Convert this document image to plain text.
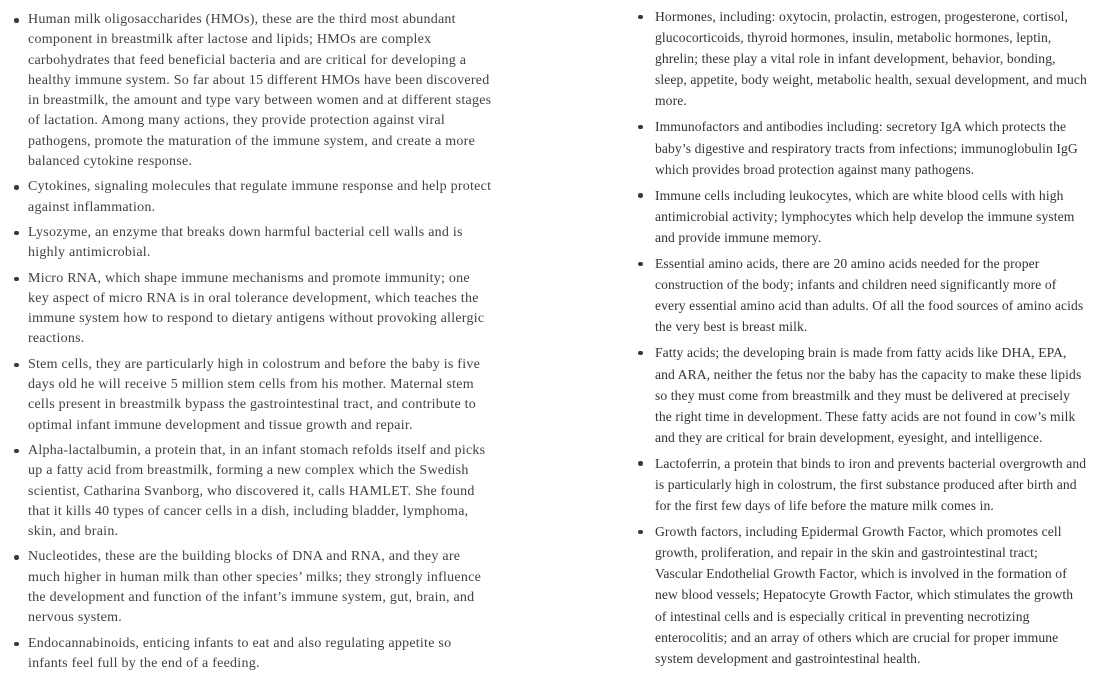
Human milk oligosaccharides (HMOs), these are the third most abundant component in breastmilk after lactose and lipids; HMOs are complex carbohydrates that feed beneficial bacteria and are critical for developing a healthy immune system. So far about 15 different HMOs have been discovered in breastmilk, the amount and type vary between women and at different stages of lactation. Among many actions, they provide protection against viral pathogens, promote the maturation of the immune system, and create a more balanced cytokine response.
Cytokines, signaling molecules that regulate immune response and help protect against inflammation.
Lysozyme, an enzyme that breaks down harmful bacterial cell walls and is highly antimicrobial.
Micro RNA, which shape immune mechanisms and promote immunity; one key aspect of micro RNA is in oral tolerance development, which teaches the immune system how to respond to dietary antigens without provoking allergic reactions.
Stem cells, they are particularly high in colostrum and before the baby is five days old he will receive 5 million stem cells from his mother. Maternal stem cells present in breastmilk bypass the gastrointestinal tract, and contribute to optimal infant immune development and tissue growth and repair.
Alpha-lactalbumin, a protein that, in an infant stomach refolds itself and picks up a fatty acid from breastmilk, forming a new complex which the Swedish scientist, Catharina Svanborg, who discovered it, calls HAMLET. She found that it kills 40 types of cancer cells in a dish, including bladder, lymphoma, skin, and brain.
Nucleotides, these are the building blocks of DNA and RNA, and they are much higher in human milk than other species’ milks; they strongly influence the development and function of the infant’s immune system, gut, brain, and nervous system.
Endocannabinoids, enticing infants to eat and also regulating appetite so infants feel full by the end of a feeding.
Hormones, including: oxytocin, prolactin, estrogen, progesterone, cortisol, glucocorticoids, thyroid hormones, insulin, metabolic hormones, leptin, ghrelin; these play a vital role in infant development, behavior, bonding, sleep, appetite, body weight, metabolic health, sexual development, and much more.
Immunofactors and antibodies including: secretory IgA which protects the baby’s digestive and respiratory tracts from infections; immunoglobulin IgG which provides broad protection against many pathogens.
Immune cells including leukocytes, which are white blood cells with high antimicrobial activity; lymphocytes which help develop the immune system and provide immune memory.
Essential amino acids, there are 20 amino acids needed for the proper construction of the body; infants and children need significantly more of every essential amino acid than adults. Of all the food sources of amino acids the very best is breast milk.
Fatty acids; the developing brain is made from fatty acids like DHA, EPA, and ARA, neither the fetus nor the baby has the capacity to make these lipids so they must come from breastmilk and they must be delivered at precisely the right time in development. These fatty acids are not found in cow’s milk and they are critical for brain development, eyesight, and intelligence.
Lactoferrin, a protein that binds to iron and prevents bacterial overgrowth and is particularly high in colostrum, the first substance produced after birth and for the first few days of life before the mature milk comes in.
Growth factors, including Epidermal Growth Factor, which promotes cell growth, proliferation, and repair in the skin and gastrointestinal tract; Vascular Endothelial Growth Factor, which is involved in the formation of new blood vessels; Hepatocyte Growth Factor, which stimulates the growth of intestinal cells and is especially critical in preventing necrotizing enterocolitis; and an array of others which are crucial for proper immune system development and gastrointestinal health.
